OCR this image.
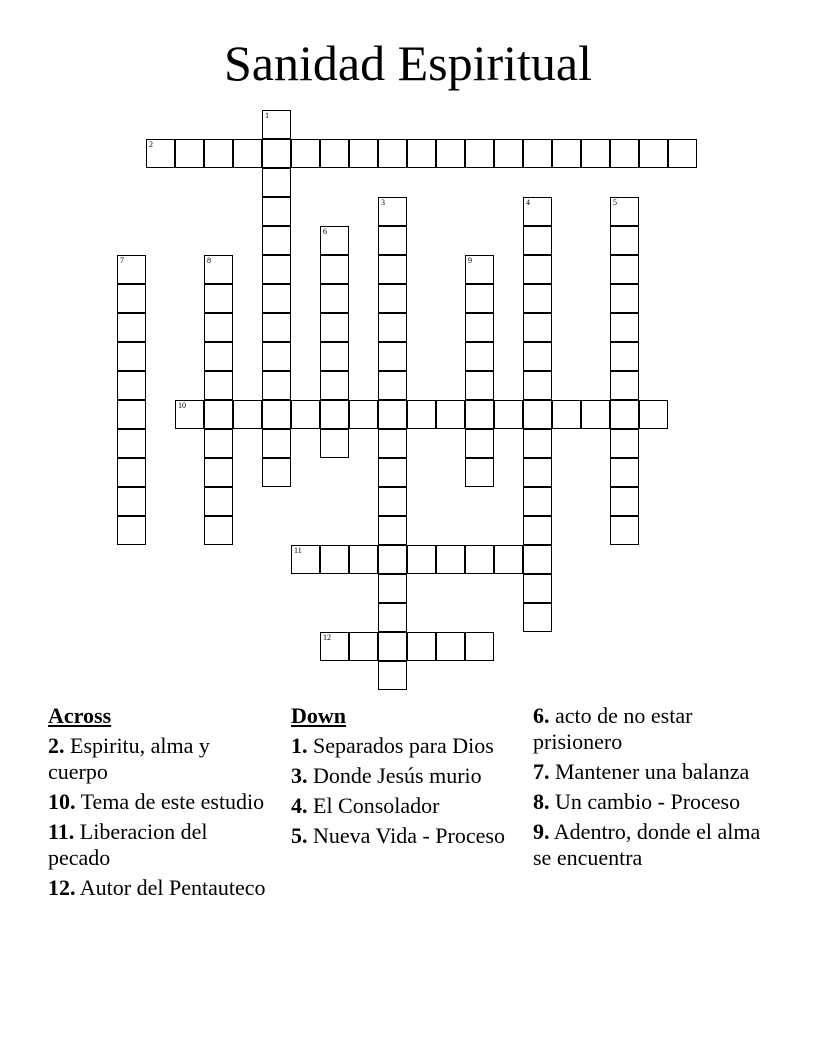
Sanidad Espiritual
2
10
11
12
1
3	4	5
6
7	8	9
Across
2. Espiritu, alma y cuerpo
10. Tema de este estudio
11. Liberacion del pecado
12. Autor del Pentauteco
Down
1. Separados para Dios
3. Donde Jesús murio
4. El Consolador
5. Nueva Vida - Proceso
6. acto de no estar prisionero
7. Mantener una balanza
8. Un cambio - Proceso
9. Adentro, donde el alma se encuentra
